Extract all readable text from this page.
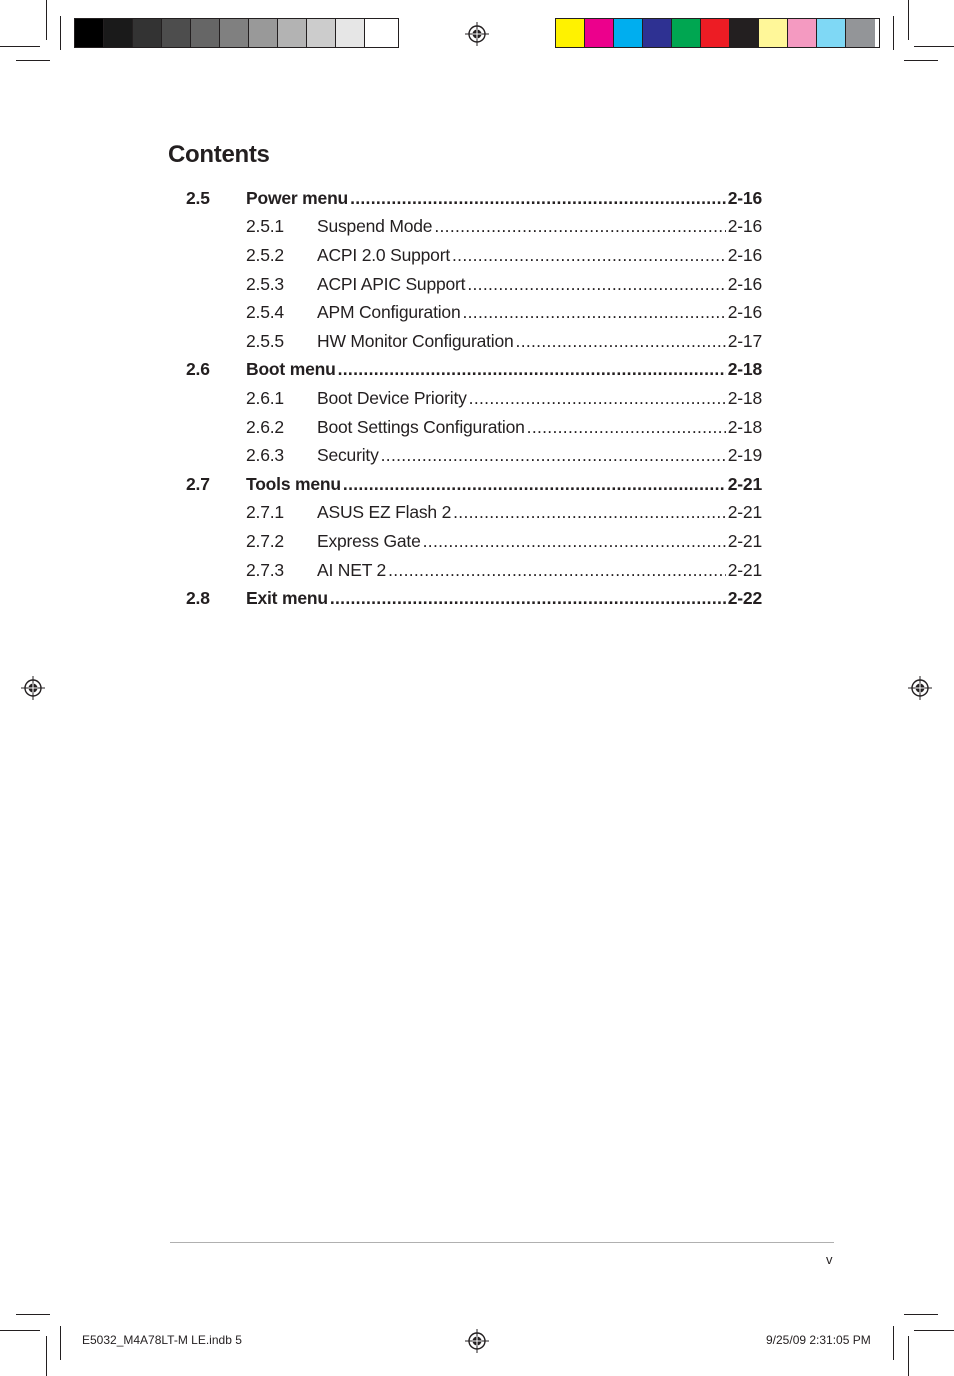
Contents
2.5	Power menu .....	2-16
2.5.1	Suspend Mode .....	2-16
2.5.2	ACPI 2.0 Support .....	2-16
2.5.3	ACPI APIC Support .....	2-16
2.5.4	APM Configuration .....	2-16
2.5.5	HW Monitor Configuration .....	2-17
2.6	Boot menu .....	2-18
2.6.1	Boot Device Priority .....	2-18
2.6.2	Boot Settings Configuration .....	2-18
2.6.3	Security .....	2-19
2.7	Tools menu .....	2-21
2.7.1	ASUS EZ Flash 2 .....	2-21
2.7.2	Express Gate .....	2-21
2.7.3	AI NET 2 .....	2-21
2.8	Exit menu .....	2-22
v
E5032_M4A78LT-M LE.indb 5	9/25/09 2:31:05 PM
